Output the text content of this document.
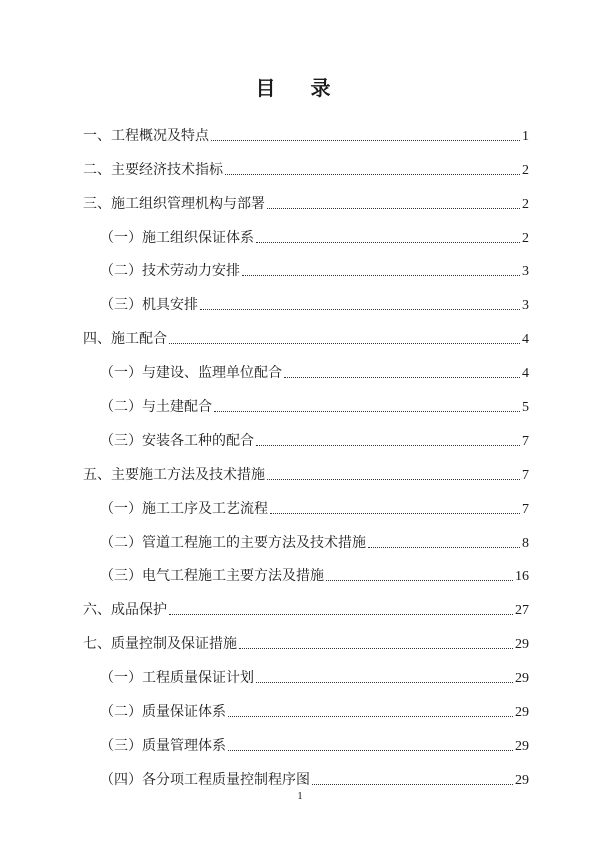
目 录
一、工程概况及特点	1
二、主要经济技术指标	2
三、施工组织管理机构与部署	2
（一）施工组织保证体系	2
（二）技术劳动力安排	3
（三）机具安排	3
四、施工配合	4
（一）与建设、监理单位配合	4
（二）与土建配合	5
（三）安装各工种的配合	7
五、主要施工方法及技术措施	7
（一）施工工序及工艺流程	7
（二）管道工程施工的主要方法及技术措施	8
（三）电气工程施工主要方法及措施	16
六、成品保护	27
七、质量控制及保证措施	29
（一）工程质量保证计划	29
（二）质量保证体系	29
（三）质量管理体系	29
（四）各分项工程质量控制程序图	29
1
